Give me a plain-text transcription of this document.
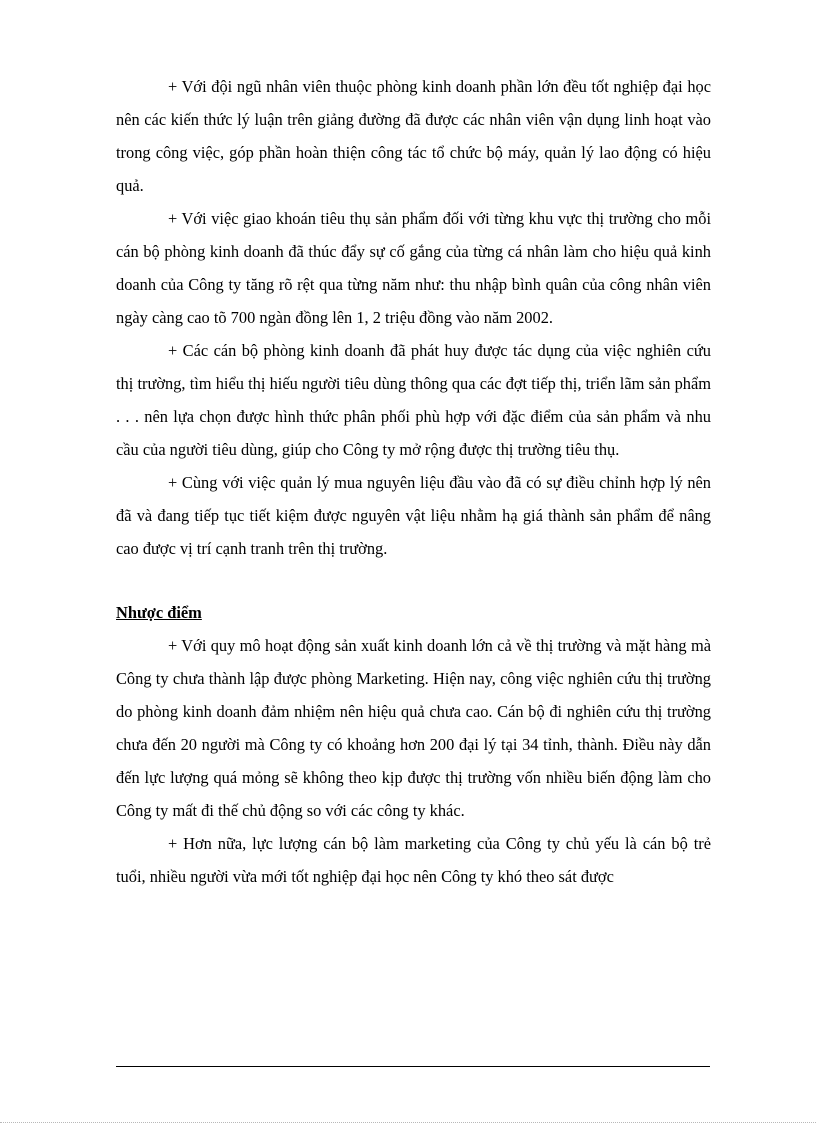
+ Với đội ngũ nhân viên thuộc phòng kinh doanh phần lớn đều tốt nghiệp đại học nên các kiến thức lý luận trên giảng đường đã được các nhân viên vận dụng linh hoạt vào trong công việc, góp phần hoàn thiện công tác tổ chức bộ máy, quản lý lao động có hiệu quả.

+ Với việc giao khoán tiêu thụ sản phẩm đối với từng khu vực thị trường cho mỗi cán bộ phòng kinh doanh đã thúc đẩy sự cố gắng của từng cá nhân làm cho hiệu quả kinh doanh của Công ty tăng rõ rệt qua từng năm như: thu nhập bình quân của công nhân viên ngày càng cao tõ 700 ngàn đồng lên 1, 2 triệu đồng vào năm 2002.

+ Các cán bộ phòng kinh doanh đã phát huy được tác dụng của việc nghiên cứu thị trường, tìm hiểu thị hiếu người tiêu dùng thông qua các đợt tiếp thị, triển lãm sản phẩm . . . nên lựa chọn được hình thức phân phối phù hợp với đặc điểm của sản phẩm và nhu cầu của người tiêu dùng, giúp cho Công ty mở rộng được thị trường tiêu thụ.

+ Cùng với việc quản lý mua nguyên liệu đầu vào đã có sự điều chỉnh hợp lý nên đã và đang tiếp tục tiết kiệm được nguyên vật liệu nhằm hạ giá thành sản phẩm để nâng cao được vị trí cạnh tranh trên thị trường.

Nhược điểm

+ Với quy mô hoạt động sản xuất kinh doanh lớn cả về thị trường và mặt hàng mà Công ty chưa thành lập được phòng Marketing. Hiện nay, công việc nghiên cứu thị trường do phòng kinh doanh đảm nhiệm nên hiệu quả chưa cao. Cán bộ đi nghiên cứu thị trường chưa đến 20 người mà Công ty có khoảng hơn 200 đại lý tại 34 tỉnh, thành. Điều này dẫn đến lực lượng quá mỏng sẽ không theo kịp được thị trường vốn nhiều biến động làm cho Công ty mất đi thế chủ động so với các công ty khác.

+ Hơn nữa, lực lượng cán bộ làm marketing của Công ty chủ yếu là cán bộ trẻ tuổi, nhiều người vừa mới tốt nghiệp đại học nên Công ty khó theo sát được
